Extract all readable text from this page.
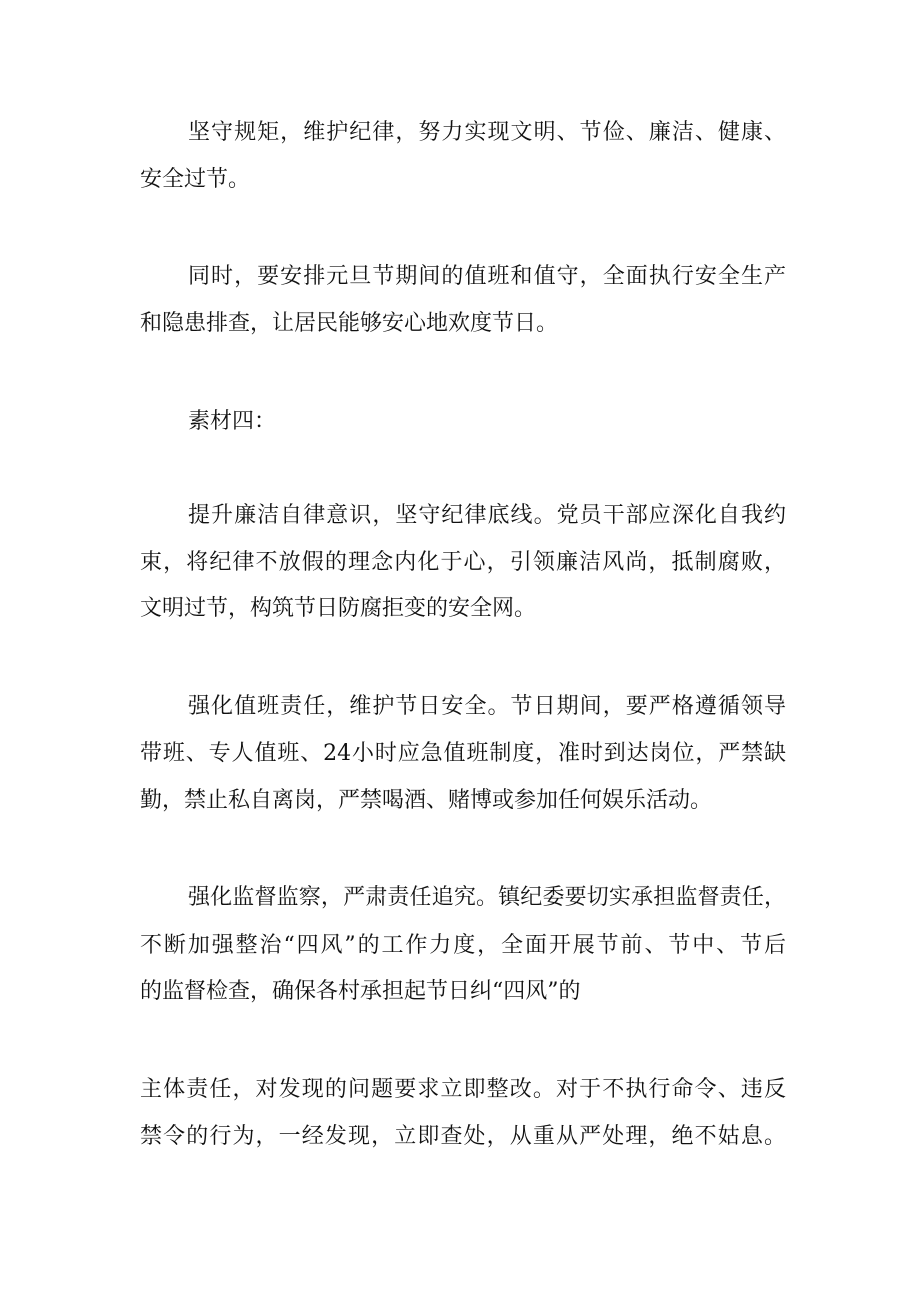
坚守规矩，维护纪律，努力实现文明、节俭、廉洁、健康、

安全过节。

同时，要安排元旦节期间的值班和值守，全面执行安全生产

和隐患排查，让居民能够安心地欢度节日。

素材四：

提升廉洁自律意识，坚守纪律底线。党员干部应深化自我约

束，将纪律不放假的理念内化于心，引领廉洁风尚，抵制腐败，

文明过节，构筑节日防腐拒变的安全网。

强化值班责任，维护节日安全。节日期间，要严格遵循领导

带班、专人值班、24小时应急值班制度，准时到达岗位，严禁缺

勤，禁止私自离岗，严禁喝酒、赌博或参加任何娱乐活动。

强化监督监察，严肃责任追究。镇纪委要切实承担监督责任，

不断加强整治“四风”的工作力度，全面开展节前、节中、节后

的监督检查，确保各村承担起节日纠“四风”的

主体责任，对发现的问题要求立即整改。对于不执行命令、违反

禁令的行为，一经发现，立即查处，从重从严处理，绝不姑息。
